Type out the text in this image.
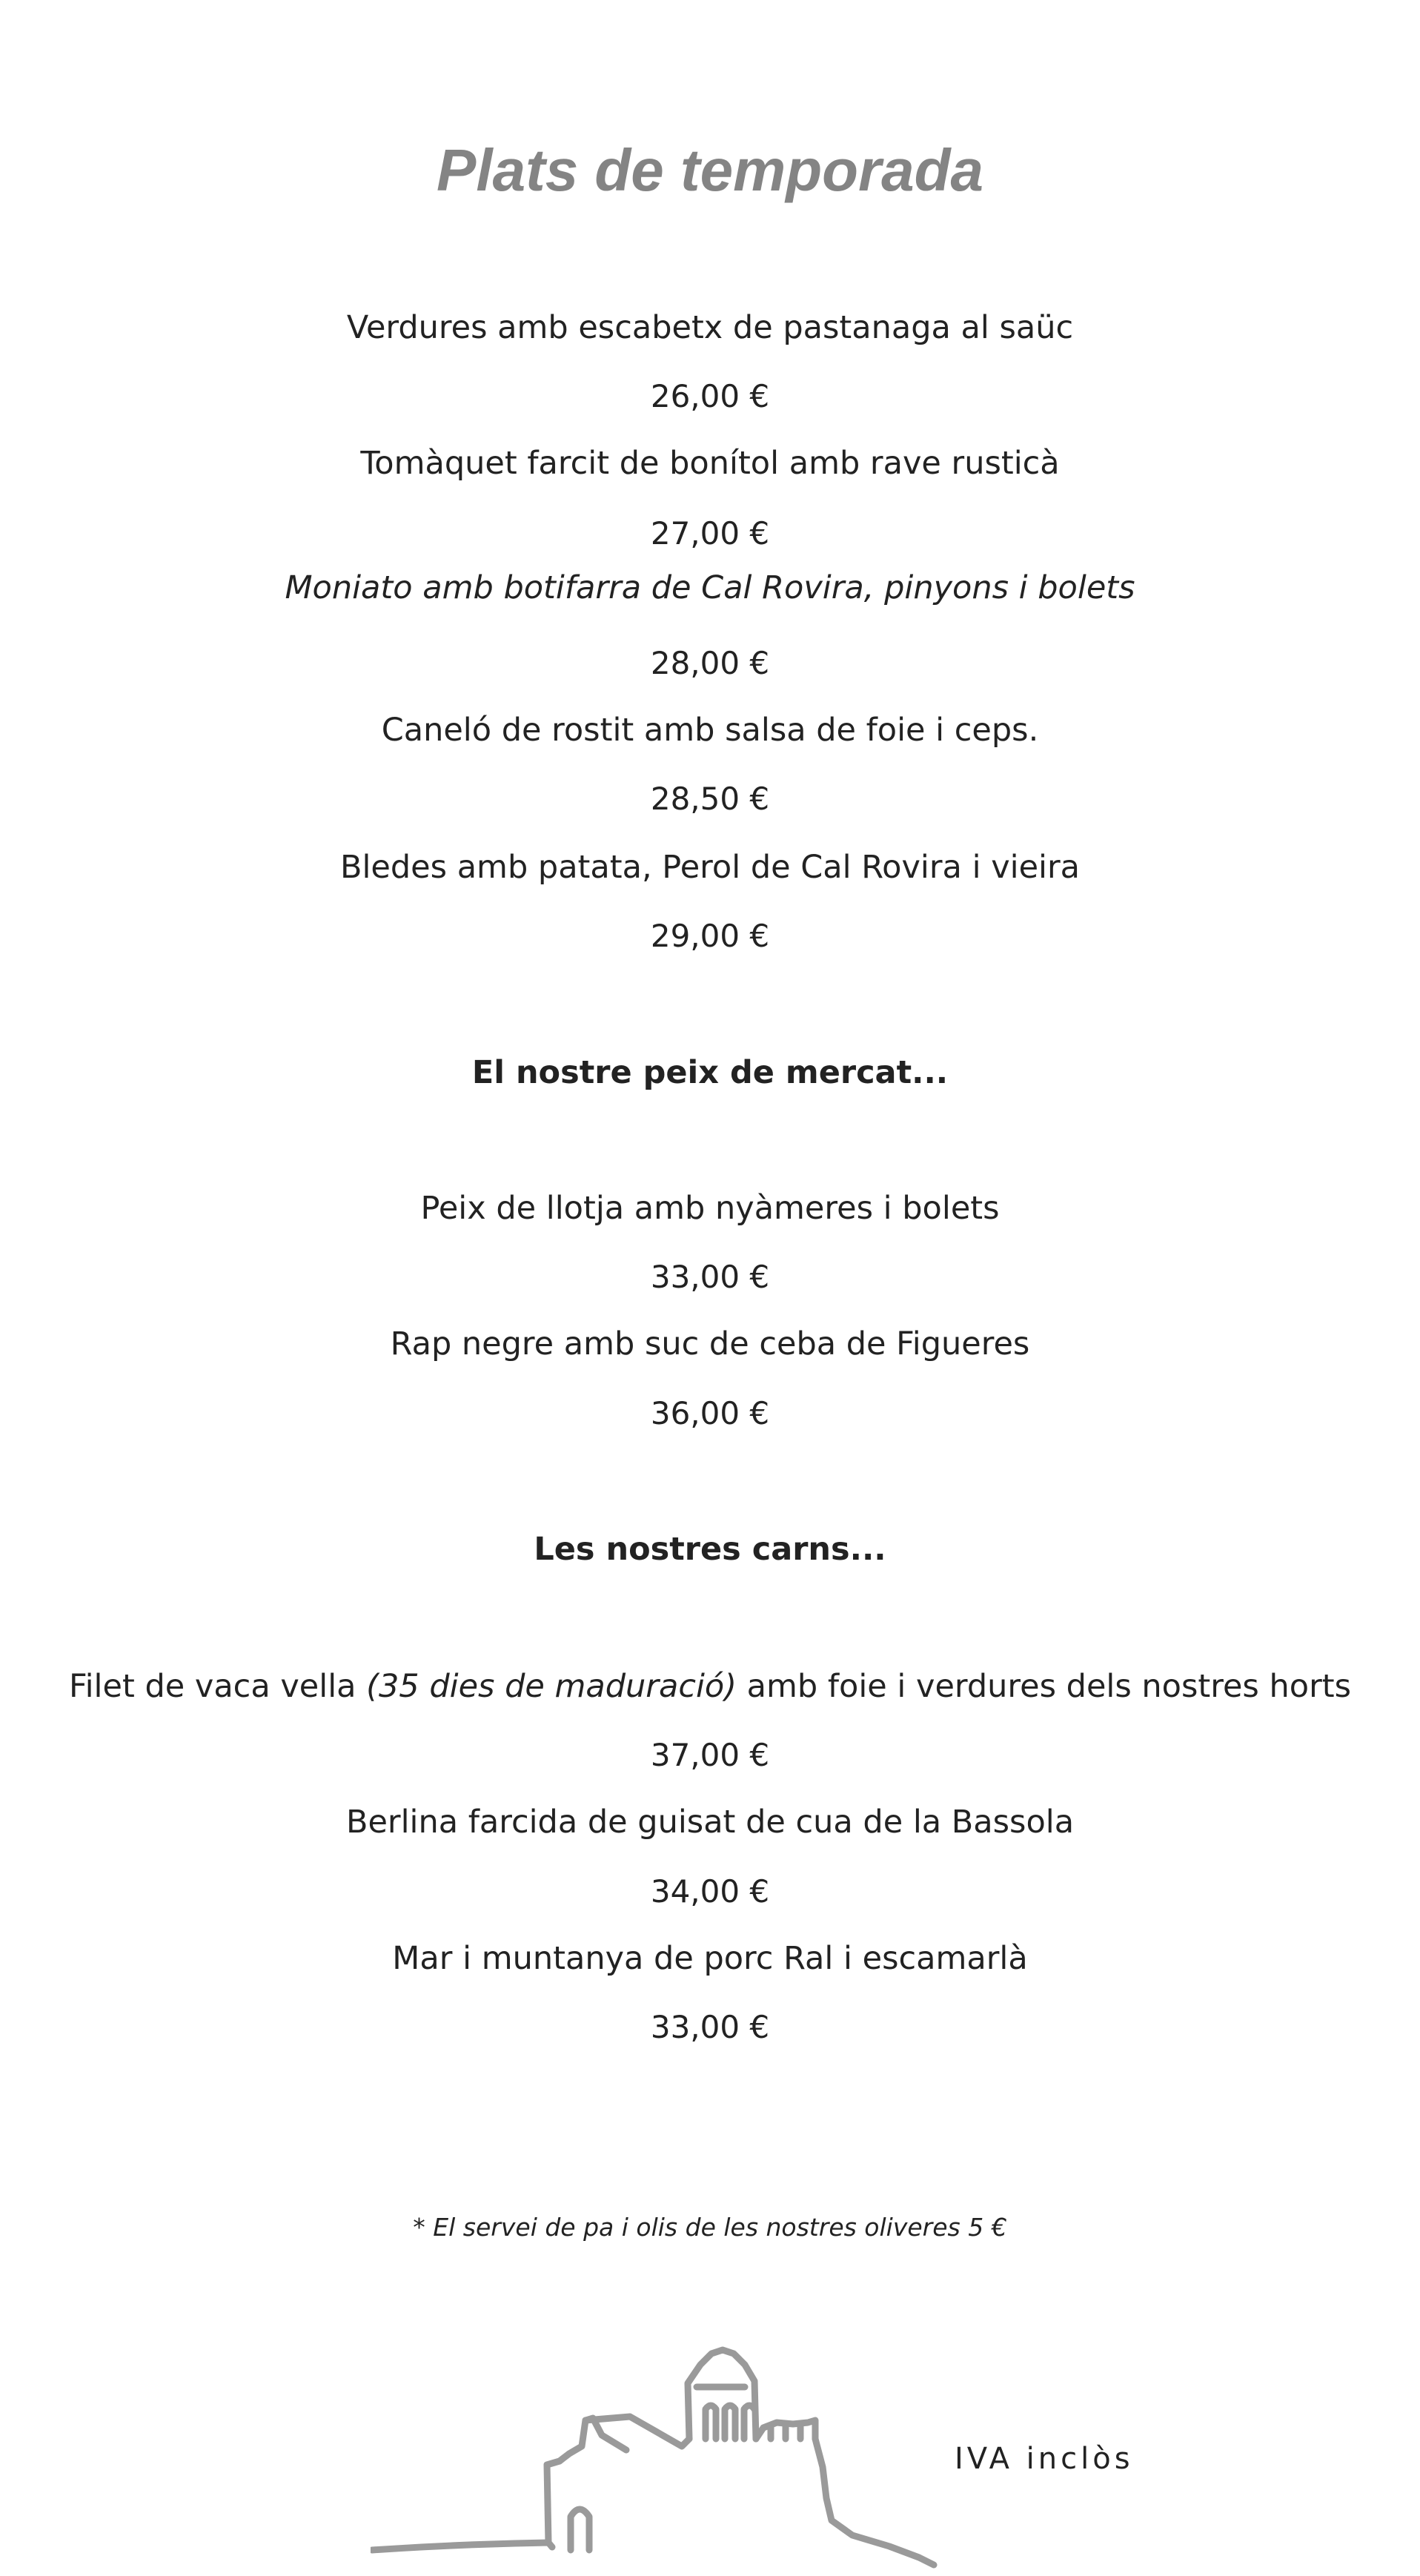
Plats de temporada
Verdures amb escabetx de pastanaga al saüc
26,00 €
Tomàquet farcit de bonítol amb rave rusticà
27,00 €
Moniato amb botifarra de Cal Rovira, pinyons i bolets
28,00 €
Caneló de rostit amb salsa de foie i ceps.
28,50 €
Bledes amb patata, Perol de Cal Rovira i vieira
29,00 €
El nostre peix de mercat...
Peix de llotja amb nyàmeres i bolets
33,00 €
Rap negre amb suc de ceba de Figueres
36,00 €
Les nostres carns...
Filet de vaca vella (35 dies de maduració) amb foie i verdures dels nostres horts
37,00 €
Berlina farcida de guisat de cua de la Bassola
34,00 €
Mar i muntanya de porc Ral i escamarlà
33,00 €
* El servei de pa i olis de les nostres oliveres 5 €
IVA inclòs
